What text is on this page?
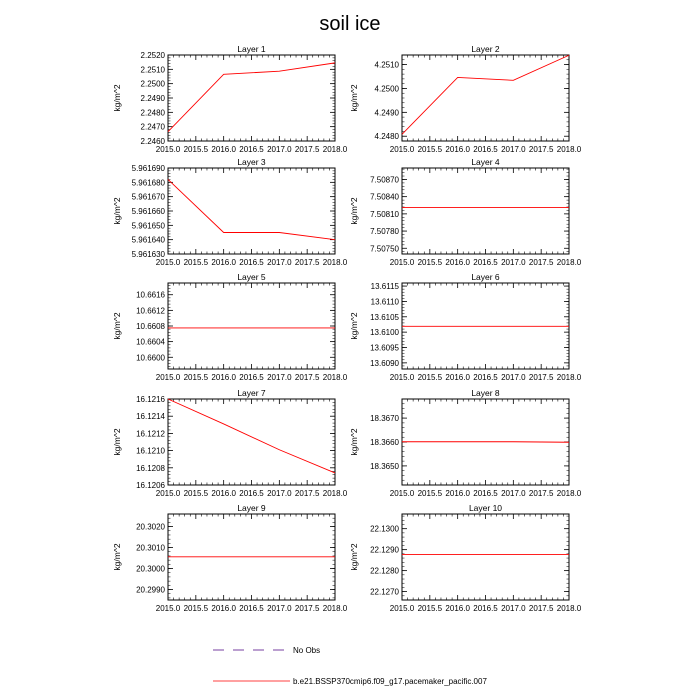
soil ice
Layer 1
2015.0 2015.5 2016.0 2016.5 2017.0 2017.5 2018.0
2.2520
2.2510
2.2500
2.2490
2.2480
2.2470
2.2460
kg/m^2
Layer 2
2015.0 2015.5 2016.0 2016.5 2017.0 2017.5 2018.0
4.2510
4.2500
4.2490
4.2480
kg/m^2
Layer 3
2015.0 2015.5 2016.0 2016.5 2017.0 2017.5 2018.0
5.961690
5.961680
5.961670
5.961660
5.961650
5.961640
5.961630
kg/m^2
Layer 4
2015.0 2015.5 2016.0 2016.5 2017.0 2017.5 2018.0
7.50870
7.50840
7.50810
7.50780
7.50750
kg/m^2
Layer 5
2015.0 2015.5 2016.0 2016.5 2017.0 2017.5 2018.0
10.6616
10.6612
10.6608
10.6604
10.6600
kg/m^2
Layer 6
2015.0 2015.5 2016.0 2016.5 2017.0 2017.5 2018.0
13.6115
13.6110
13.6105
13.6100
13.6095
13.6090
kg/m^2
Layer 7
2015.0 2015.5 2016.0 2016.5 2017.0 2017.5 2018.0
16.1216
16.1214
16.1212
16.1210
16.1208
16.1206
kg/m^2
Layer 8
2015.0 2015.5 2016.0 2016.5 2017.0 2017.5 2018.0
18.3670
18.3660
18.3650
kg/m^2
Layer 9
2015.0 2015.5 2016.0 2016.5 2017.0 2017.5 2018.0
20.3020
20.3010
20.3000
20.2990
kg/m^2
Layer 10
2015.0 2015.5 2016.0 2016.5 2017.0 2017.5 2018.0
22.1300
22.1290
22.1280
22.1270
kg/m^2
No Obs
b.e21.BSSP370cmip6.f09_g17.pacemaker_pacific.007
